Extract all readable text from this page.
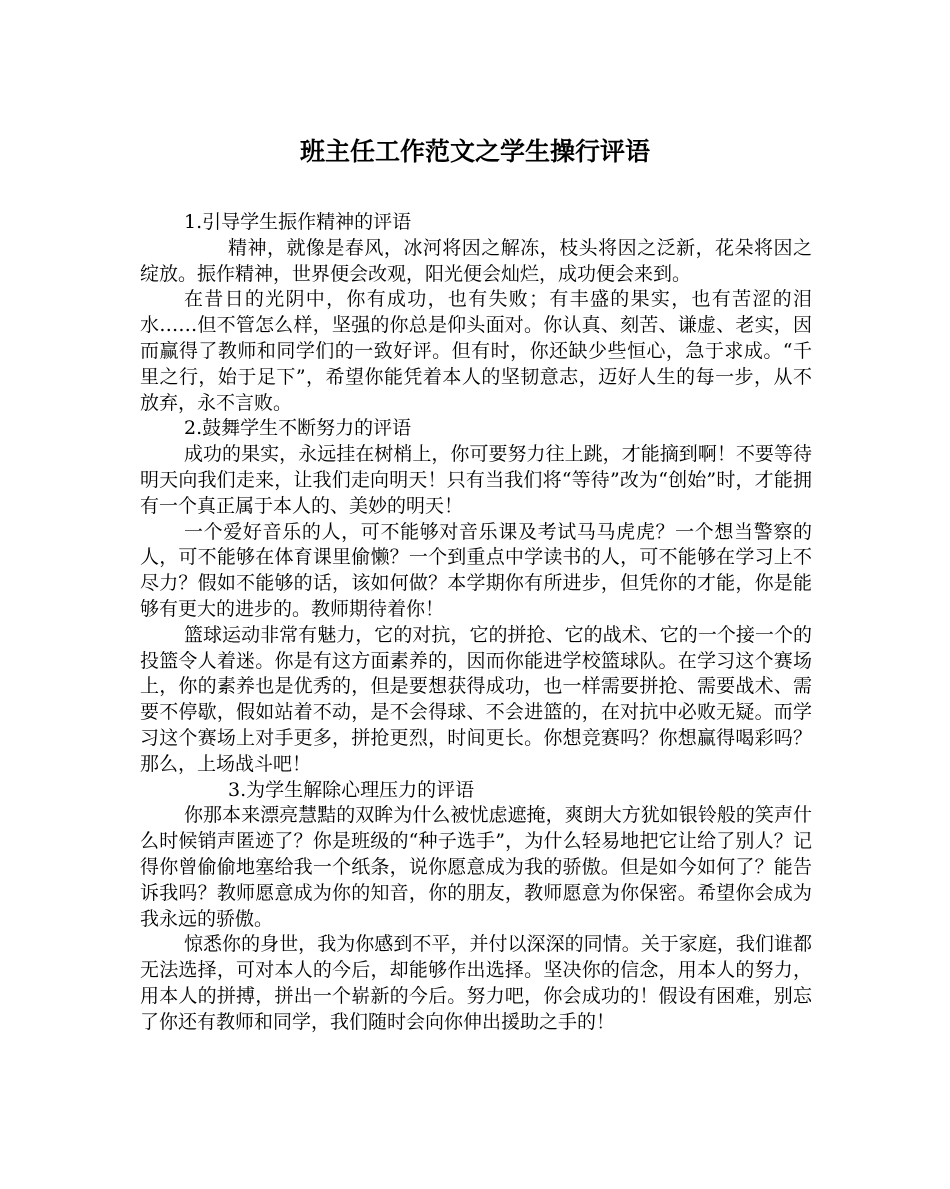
班主任工作范文之学生操行评语

1.引导学生振作精神的评语

精神，就像是春风，冰河将因之解冻，枝头将因之泛新，花朵将因之绽放。振作精神，世界便会改观，阳光便会灿烂，成功便会来到。

在昔日的光阴中，你有成功，也有失败；有丰盛的果实，也有苦涩的泪水……但不管怎么样，坚强的你总是仰头面对。你认真、刻苦、谦虚、老实，因而赢得了教师和同学们的一致好评。但有时，你还缺少些恒心，急于求成。“千里之行，始于足下”，希望你能凭着本人的坚韧意志，迈好人生的每一步，从不放弃，永不言败。

2.鼓舞学生不断努力的评语

成功的果实，永远挂在树梢上，你可要努力往上跳，才能摘到啊！不要等待明天向我们走来，让我们走向明天！只有当我们将“等待”改为“创始”时，才能拥有一个真正属于本人的、美妙的明天！

一个爱好音乐的人，可不能够对音乐课及考试马马虎虎？一个想当警察的人，可不能够在体育课里偷懒？一个到重点中学读书的人，可不能够在学习上不尽力？假如不能够的话，该如何做？本学期你有所进步，但凭你的才能，你是能够有更大的进步的。教师期待着你！

篮球运动非常有魅力，它的对抗，它的拼抢、它的战术、它的一个接一个的投篮令人着迷。你是有这方面素养的，因而你能进学校篮球队。在学习这个赛场上，你的素养也是优秀的，但是要想获得成功，也一样需要拼抢、需要战术、需要不停歇，假如站着不动，是不会得球、不会进篮的，在对抗中必败无疑。而学习这个赛场上对手更多，拼抢更烈，时间更长。你想竞赛吗？你想赢得喝彩吗？那么，上场战斗吧！

3.为学生解除心理压力的评语

你那本来漂亮慧黠的双眸为什么被忧虑遮掩，爽朗大方犹如银铃般的笑声什么时候销声匿迹了？你是班级的“种子选手”，为什么轻易地把它让给了别人？记得你曾偷偷地塞给我一个纸条，说你愿意成为我的骄傲。但是如今如何了？能告诉我吗？教师愿意成为你的知音，你的朋友，教师愿意为你保密。希望你会成为我永远的骄傲。

惊悉你的身世，我为你感到不平，并付以深深的同情。关于家庭，我们谁都无法选择，可对本人的今后，却能够作出选择。坚决你的信念，用本人的努力，用本人的拼搏，拼出一个崭新的今后。努力吧，你会成功的！假设有困难，别忘了你还有教师和同学，我们随时会向你伸出援助之手的！
